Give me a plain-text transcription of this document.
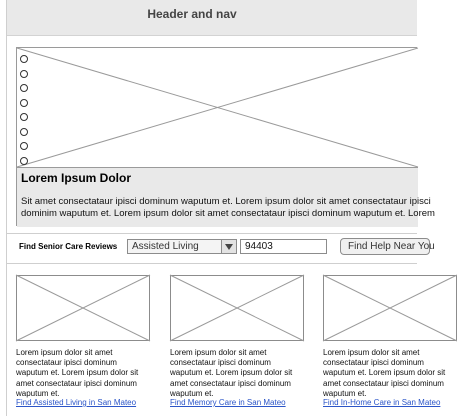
Header and nav
Lorem Ipsum Dolor
Sit amet consectataur ipisci dominum waputum et. Lorem ipsum dolor sit amet consectataur ipisci
dominim waputum et. Lorem ipsum dolor sit amet consectataur ipisci dominum waputum et. Lorem
Find Senior Care Reviews Assisted Living	94403	Find Help Near You
Lorem ipsum dolor sit amet consectataur ipisci dominum waputum et. Lorem ipsum dolor sit amet consectataur ipisci dominum waputum et.
Find Assisted Living in San Mateo
Lorem ipsum dolor sit amet consectataur ipisci dominum waputum et. Lorem ipsum dolor sit amet consectataur ipisci dominum waputum et.
Find Memory Care in San Mateo
Lorem ipsum dolor sit amet consectataur ipisci dominum waputum et. Lorem ipsum dolor sit amet consectataur ipisci dominum waputum et.
Find In-Home Care in San Mateo
